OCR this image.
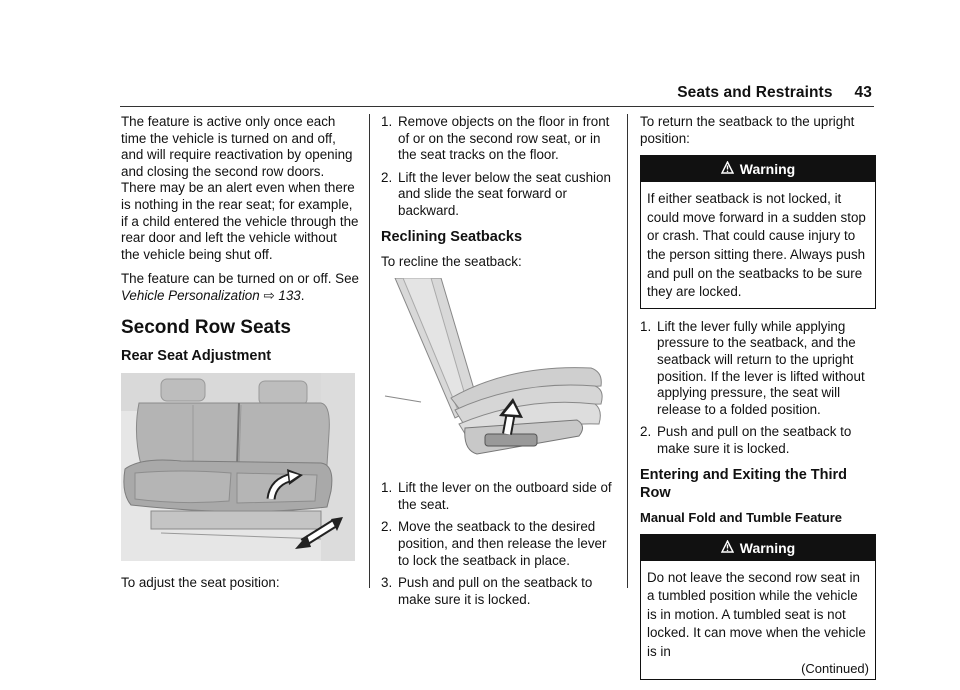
Seats and Restraints 43

The feature is active only once each time the vehicle is turned on and off, and will require reactivation by opening and closing the second row doors. There may be an alert even when there is nothing in the rear seat; for example, if a child entered the vehicle through the rear door and left the vehicle without the vehicle being shut off.

The feature can be turned on or off. See Vehicle Personalization ⇨ 133.

Second Row Seats
Rear Seat Adjustment

To adjust the seat position:

1. Remove objects on the floor in front of or on the second row seat, or in the seat tracks on the floor.
2. Lift the lever below the seat cushion and slide the seat forward or backward.
Reclining Seatbacks

To recline the seatback:

1. Lift the lever on the outboard side of the seat.
2. Move the seatback to the desired position, and then release the lever to lock the seatback in place.
3. Push and pull on the seatback to make sure it is locked.

To return the seatback to the upright position:

Warning
If either seatback is not locked, it could move forward in a sudden stop or crash. That could cause injury to the person sitting there. Always push and pull on the seatbacks to be sure they are locked.
1. Lift the lever fully while applying pressure to the seatback, and the seatback will return to the upright position. If the lever is lifted without applying pressure, the seat will release to a folded position.
2. Push and pull on the seatback to make sure it is locked.
Entering and Exiting the Third Row
Manual Fold and Tumble Feature
Warning
Do not leave the second row seat in a tumbled position while the vehicle is in motion. A tumbled seat is not locked. It can move when the vehicle is in
(Continued)
